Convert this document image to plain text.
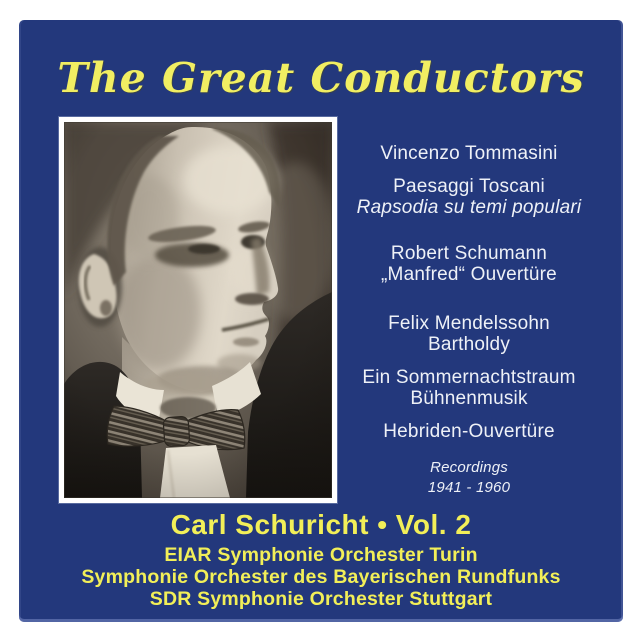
The Great Conductors
Vincenzo Tommasini
Paesaggi Toscani
Rapsodia su temi populari
Robert Schumann
„Manfred“ Ouvertüre
Felix Mendelssohn
Bartholdy
Ein Sommernachtstraum
Bühnenmusik
Hebriden-Ouvertüre
Recordings
1941 - 1960
Carl Schuricht • Vol. 2
EIAR Symphonie Orchester Turin
Symphonie Orchester des Bayerischen Rundfunks
SDR Symphonie Orchester Stuttgart
